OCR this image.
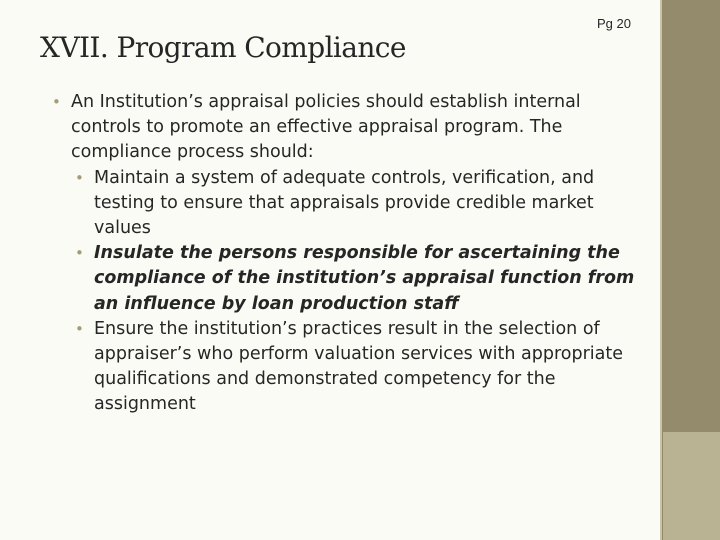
XVII. Program Compliance
Pg 20
• An Institution’s appraisal policies should establish internal controls to promote an effective appraisal program. The compliance process should:
• Maintain a system of adequate controls, verification, and testing to ensure that appraisals provide credible market values
• Insulate the persons responsible for ascertaining the compliance of the institution’s appraisal function from an influence by loan production staff
• Ensure the institution’s practices result in the selection of appraiser’s who perform valuation services with appropriate qualifications and demonstrated competency for the assignment
